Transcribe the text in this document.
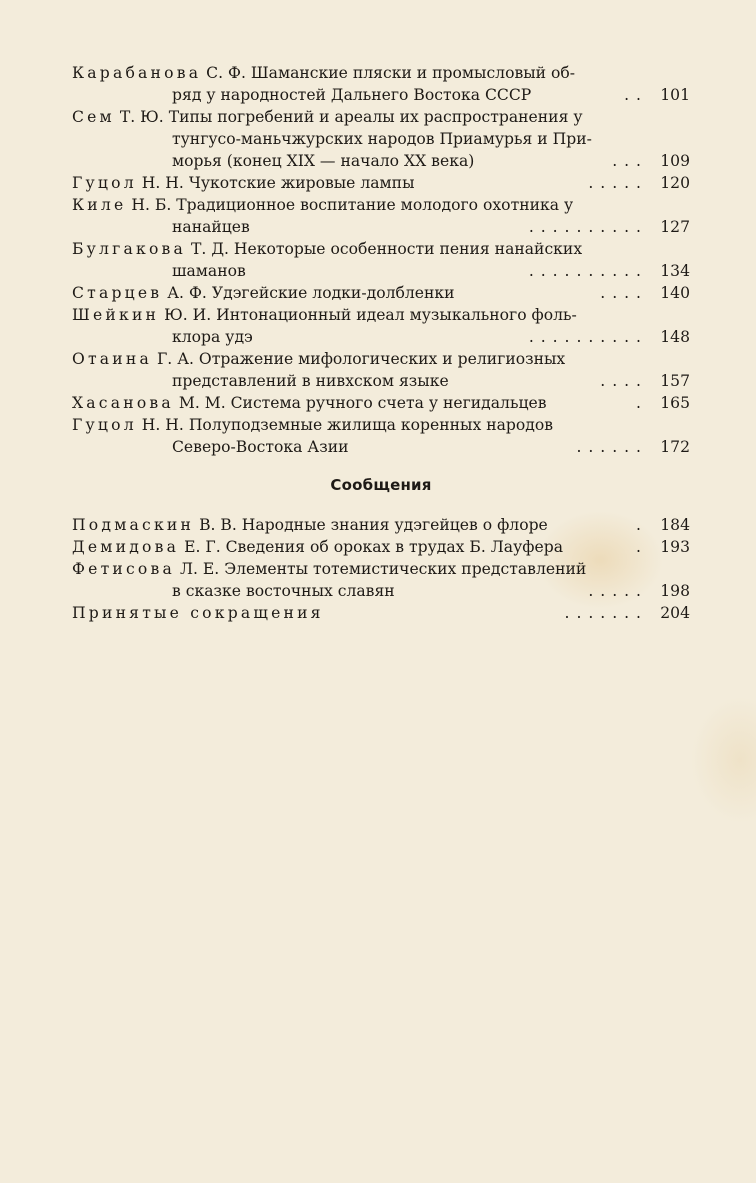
Карабанова С. Ф. Шаманские пляски и промысловый об-
ряд у народностей Дальнего Востока СССР	. .	101
Сем Т. Ю. Типы погребений и ареалы их распространения у
тунгусо-маньчжурских народов Приамурья и При-
морья (конец XIX — начало XX века)	. . .	109
Гуцол Н. Н. Чукотские жировые лампы	. . . . .	120
Киле Н. Б. Традиционное воспитание молодого охотника у
нанайцев	. . . . . . . . . .	127
Булгакова Т. Д. Некоторые особенности пения нанайских
шаманов	. . . . . . . . . .	134
Старцев А. Ф. Удэгейские лодки-долбленки	. . . .	140
Шейкин Ю. И. Интонационный идеал музыкального фоль-
клора удэ	. . . . . . . . . .	148
Отаина Г. А. Отражение мифологических и религиозных
представлений в нивхском языке	. . . .	157
Хасанова М. М. Система ручного счета у негидальцев	.	165
Гуцол Н. Н. Полуподземные жилища коренных народов
Северо-Востока Азии	. . . . . .	172
Сообщения
Подмаскин В. В. Народные знания удэгейцев о флоре	.	184
Демидова Е. Г. Сведения об ороках в трудах Б. Лауфера	.	193
Фетисова Л. Е. Элементы тотемистических представлений
в сказке восточных славян	. . . . .	198
Принятые сокращения	. . . . . . .	204
